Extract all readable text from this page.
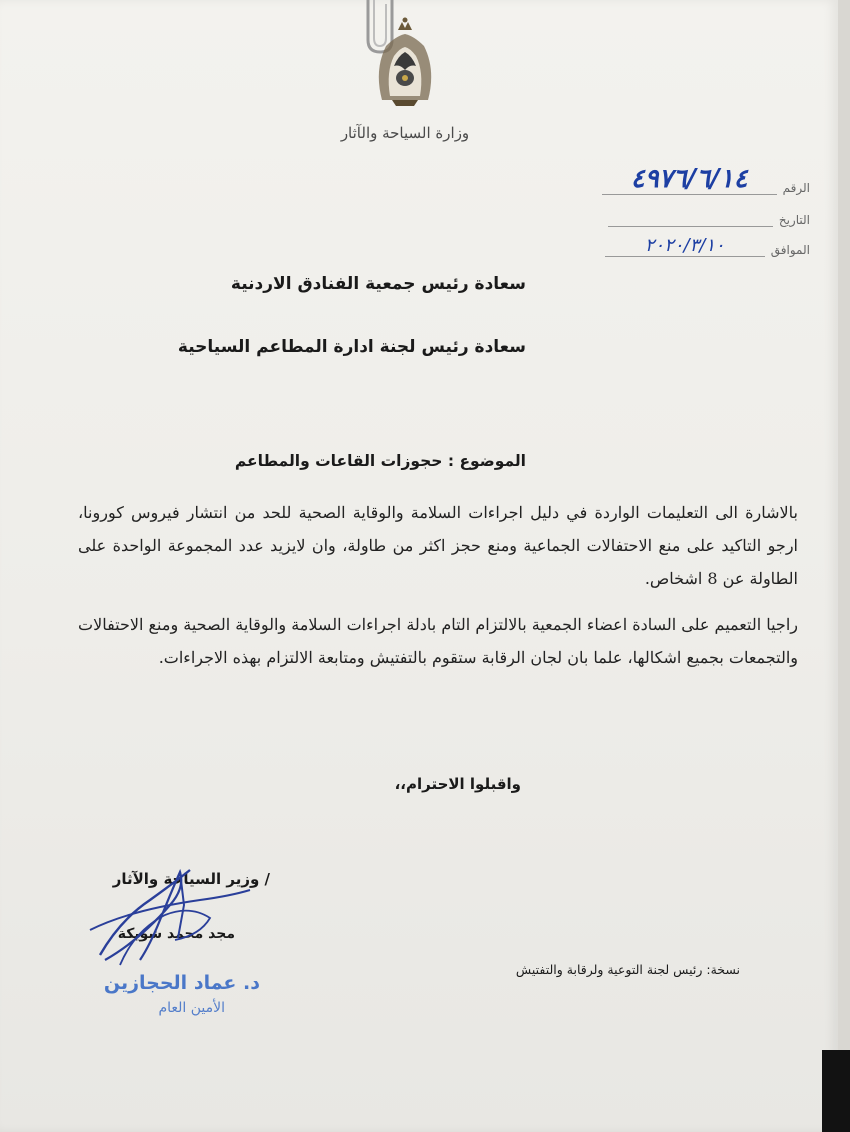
وزارة السياحة والآثار
الرقم
٤٩٧٦/٦/١٤
التاريخ
الموافق
٢٠٢٠/٣/١٠
سعادة رئيس جمعية الفنادق الاردنية
سعادة رئيس لجنة ادارة المطاعم السياحية
الموضوع : حجوزات القاعات والمطاعم
بالاشارة الى التعليمات الواردة في دليل اجراءات السلامة والوقاية الصحية للحد من انتشار فيروس كورونا، ارجو التاكيد على منع الاحتفالات الجماعية ومنع حجز اكثر من طاولة، وان لايزيد عدد المجموعة الواحدة على الطاولة عن 8 اشخاص.
راجيا التعميم على السادة اعضاء الجمعية بالالتزام التام بادلة اجراءات السلامة والوقاية الصحية ومنع الاحتفالات والتجمعات بجميع اشكالها، علما بان لجان الرقابة ستقوم بالتفتيش ومتابعة الالتزام بهذه الاجراءات.
واقبلوا الاحترام،،
/ وزير السياحة والآثار
مجد محمد شويكة
د. عماد الحجازين
الأمين العام
نسخة: رئيس لجنة التوعية ولرقابة والتفتيش
